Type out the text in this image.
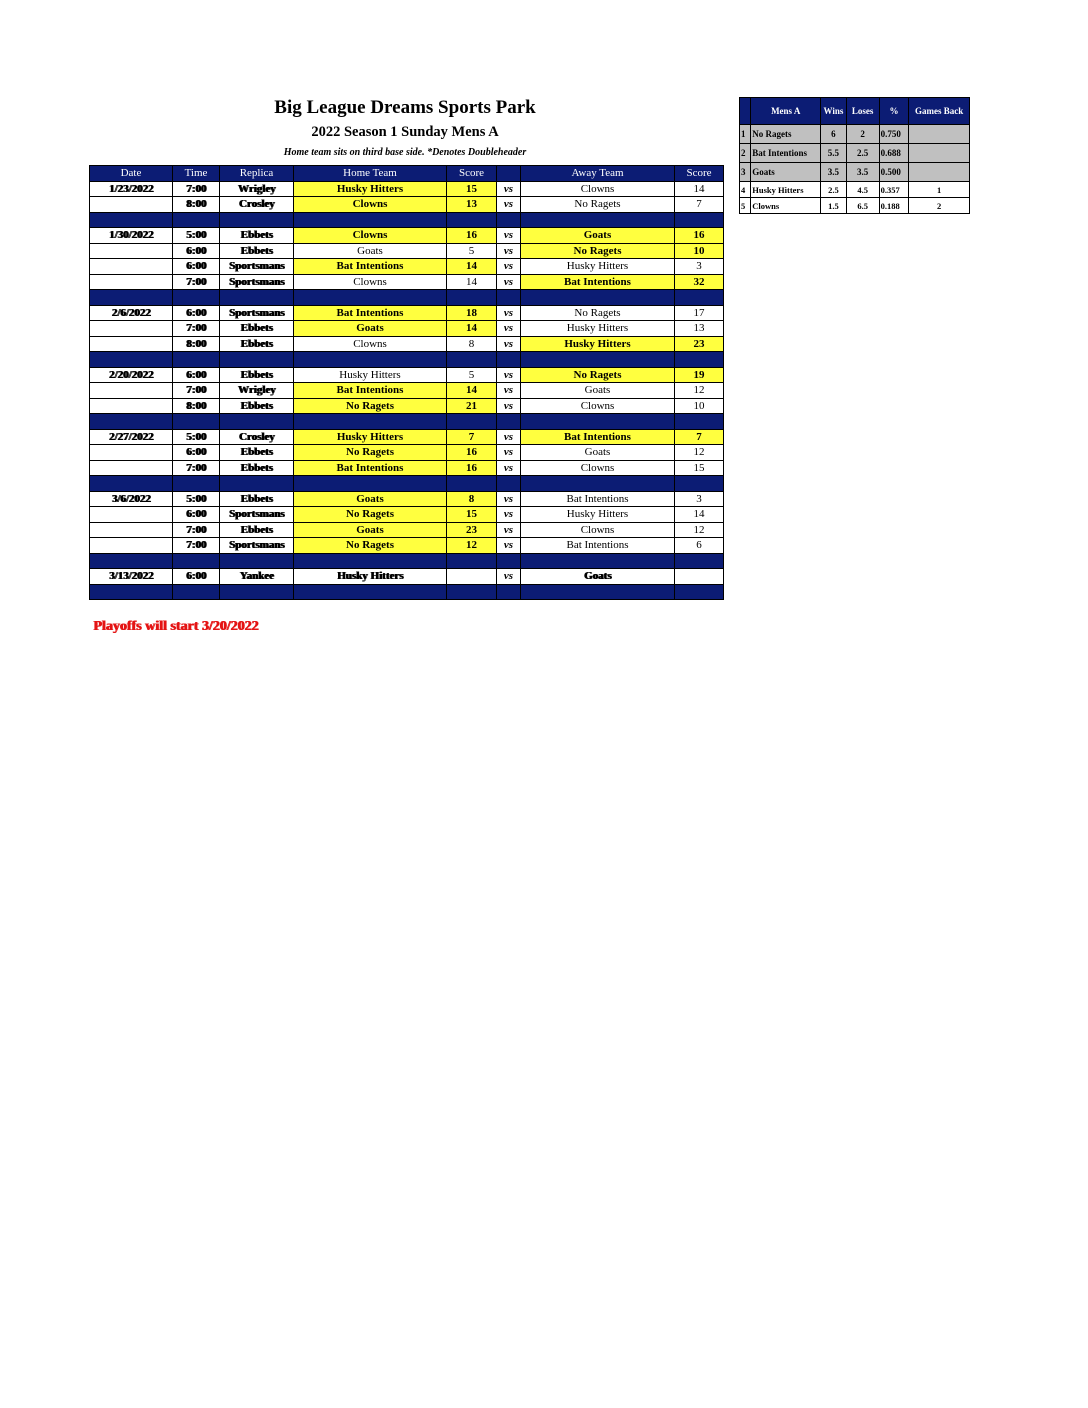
Big League Dreams Sports Park
2022 Season 1 Sunday Mens A
Home team sits on third base side. *Denotes Doubleheader
Date	Time	Replica	Home Team	Score		Away Team	Score
1/23/2022	7:00	Wrigley	Husky Hitters	15	vs	Clowns	14
	8:00	Crosley	Clowns	13	vs	No Ragets	7

1/30/2022	5:00	Ebbets	Clowns	16	vs	Goats	16
	6:00	Ebbets	Goats	5	vs	No Ragets	10
	6:00	Sportsmans	Bat Intentions	14	vs	Husky Hitters	3
	7:00	Sportsmans	Clowns	14	vs	Bat Intentions	32

2/6/2022	6:00	Sportsmans	Bat Intentions	18	vs	No Ragets	17
	7:00	Ebbets	Goats	14	vs	Husky Hitters	13
	8:00	Ebbets	Clowns	8	vs	Husky Hitters	23

2/20/2022	6:00	Ebbets	Husky Hitters	5	vs	No Ragets	19
	7:00	Wrigley	Bat Intentions	14	vs	Goats	12
	8:00	Ebbets	No Ragets	21	vs	Clowns	10

2/27/2022	5:00	Crosley	Husky Hitters	7	vs	Bat Intentions	7
	6:00	Ebbets	No Ragets	16	vs	Goats	12
	7:00	Ebbets	Bat Intentions	16	vs	Clowns	15

3/6/2022	5:00	Ebbets	Goats	8	vs	Bat Intentions	3
	6:00	Sportsmans	No Ragets	15	vs	Husky Hitters	14
	7:00	Ebbets	Goats	23	vs	Clowns	12
	7:00	Sportsmans	No Ragets	12	vs	Bat Intentions	6

3/13/2022	6:00	Yankee	Husky Hitters		vs	Goats	

	Mens A	Wins	Loses	%	Games Back
1	No Ragets	6	2	0.750	
2	Bat Intentions	5.5	2.5	0.688	
3	Goats	3.5	3.5	0.500	
4	Husky Hitters	2.5	4.5	0.357	1
5	Clowns	1.5	6.5	0.188	2
Playoffs will start 3/20/2022
